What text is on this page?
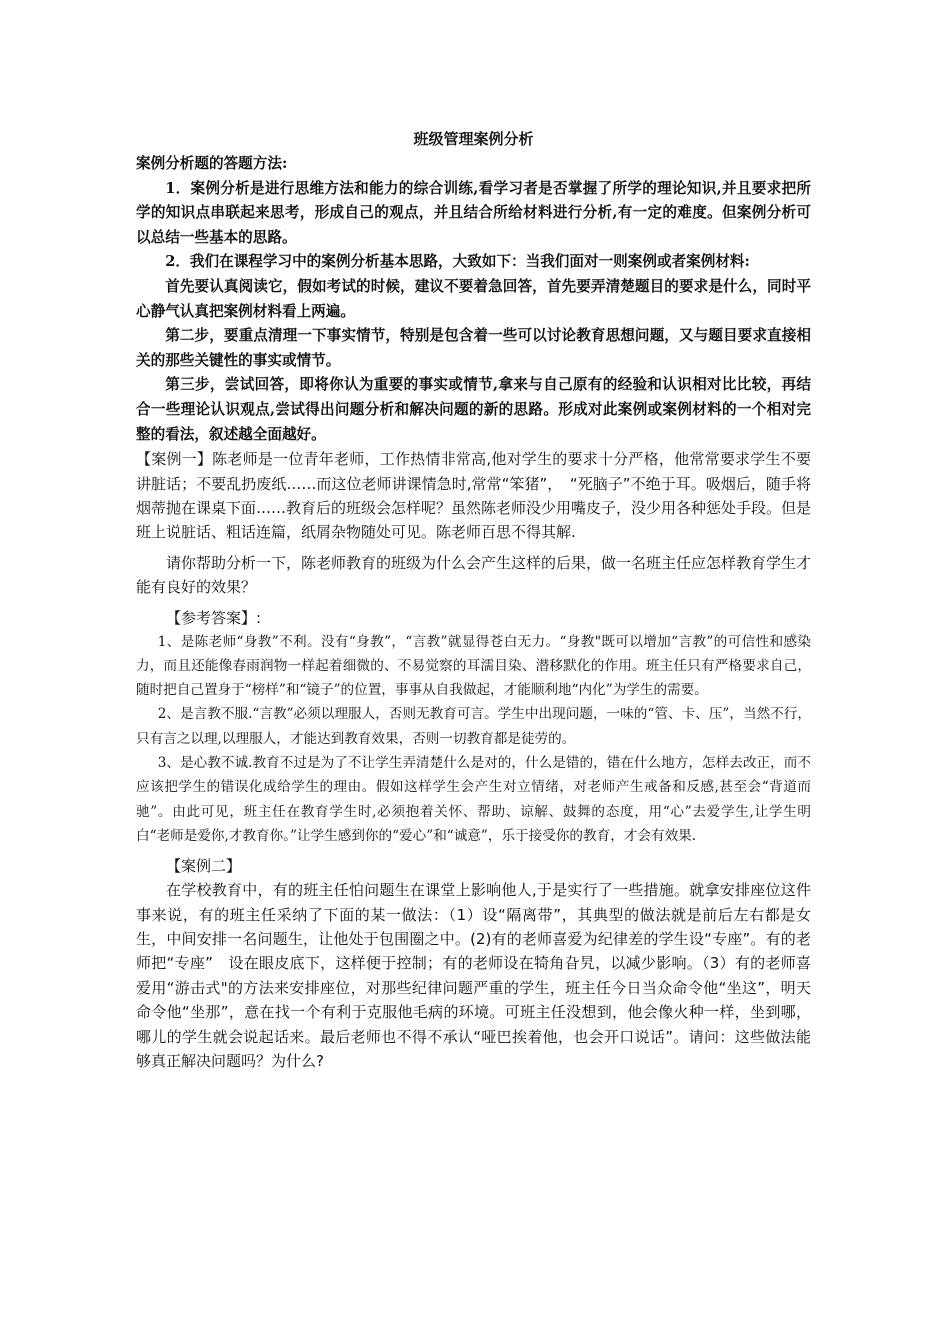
班级管理案例分析

案例分析题的答题方法:

1．案例分析是进行思维方法和能力的综合训练,看学习者是否掌握了所学的理论知识,并且要求把所学的知识点串联起来思考，形成自己的观点，并且结合所给材料进行分析,有一定的难度。但案例分析可以总结一些基本的思路。

2．我们在课程学习中的案例分析基本思路，大致如下：当我们面对一则案例或者案例材料:

首先要认真阅读它，假如考试的时候，建议不要着急回答，首先要弄清楚题目的要求是什么，同时平心静气认真把案例材料看上两遍。

第二步，要重点清理一下事实情节，特别是包含着一些可以讨论教育思想问题，又与题目要求直接相关的那些关键性的事实或情节。

第三步，尝试回答，即将你认为重要的事实或情节,拿来与自己原有的经验和认识相对比比较，再结合一些理论认识观点,尝试得出问题分析和解决问题的新的思路。形成对此案例或案例材料的一个相对完整的看法，叙述越全面越好。

【案例一】陈老师是一位青年老师，工作热情非常高,他对学生的要求十分严格，他常常要求学生不要讲脏话；不要乱扔废纸……而这位老师讲课情急时,常常“笨猪”，　“死脑子”不绝于耳。吸烟后，随手将烟蒂抛在课桌下面……教育后的班级会怎样呢？虽然陈老师没少用嘴皮子，没少用各种惩处手段。但是班上说脏话、粗话连篇，纸屑杂物随处可见。陈老师百思不得其解.

请你帮助分析一下，陈老师教育的班级为什么会产生这样的后果，做一名班主任应怎样教育学生才能有良好的效果？

【参考答案】:

1、是陈老师“身教”不利。没有“身教”，“言教”就显得苍白无力。“身教"既可以增加“言教”的可信性和感染力，而且还能像春雨润物一样起着细微的、不易觉察的耳濡目染、潜移默化的作用。班主任只有严格要求自己，随时把自己置身于“榜样”和“镜子”的位置，事事从自我做起，才能顺利地“内化”为学生的需要。

2、是言教不服.“言教”必须以理服人，否则无教育可言。学生中出现问题，一味的“管、卡、压”，当然不行，只有言之以理,以理服人，才能达到教育效果，否则一切教育都是徒劳的。

3、是心教不诚.教育不过是为了不让学生弄清楚什么是对的，什么是错的，错在什么地方，怎样去改正，而不应该把学生的错误化成给学生的理由。假如这样学生会产生对立情绪，对老师产生戒备和反感,甚至会“背道而驰”。由此可见，班主任在教育学生时,必须抱着关怀、帮助、谅解、鼓舞的态度，用“心”去爱学生,让学生明白“老师是爱你,才教育你。”让学生感到你的“爱心”和“诚意”，乐于接受你的教育，才会有效果.

【案例二】

在学校教育中，有的班主任怕问题生在课堂上影响他人,于是实行了一些措施。就拿安排座位这件事来说，有的班主任采纳了下面的某一做法：（1）设“隔离带”，其典型的做法就是前后左右都是女生，中间安排一名问题生，让他处于包围圈之中。(2)有的老师喜爱为纪律差的学生设“专座”。有的老师把“专座”　设在眼皮底下，这样便于控制；有的老师设在犄角旮旯，以减少影响。（3）有的老师喜爱用“游击式"的方法来安排座位，对那些纪律问题严重的学生，班主任今日当众命令他“坐这”，明天命令他“坐那”，意在找一个有利于克服他毛病的环境。可班主任没想到，他会像火种一样，坐到哪，哪儿的学生就会说起话来。最后老师也不得不承认“哑巴挨着他，也会开口说话”。请问：这些做法能够真正解决问题吗？为什么?
